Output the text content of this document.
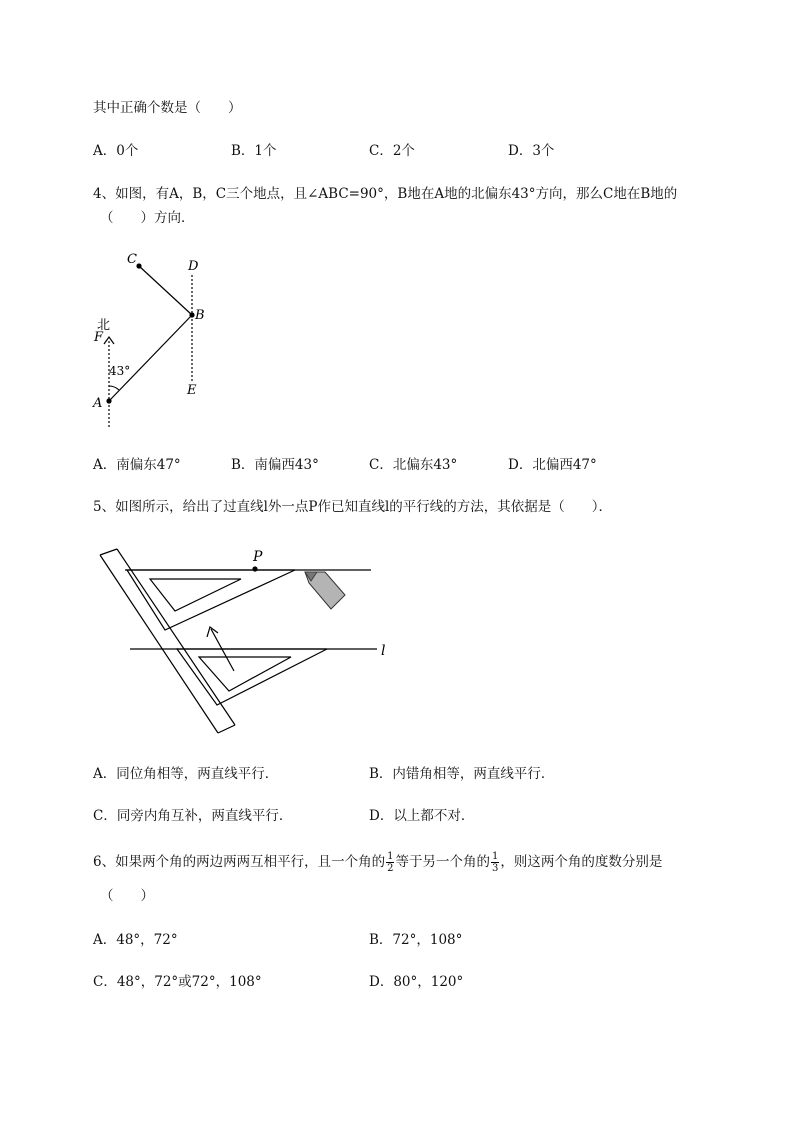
其中正确个数是（　　）
A．0个	B．1个	C．2个	D．3个
4、如图，有A，B，C三个地点，且∠ABC=90°，B地在A地的北偏东43°方向，那么C地在B地的
（　　）方向．
C	D
B
北
F
43°
A
E
A．南偏东47°	B．南偏西43°	C．北偏东43°	D．北偏西47°
5、如图所示，给出了过直线l外一点P作已知直线l的平行线的方法，其依据是（　　）．
P
l
A．同位角相等，两直线平行．	B．内错角相等，两直线平行．
C．同旁内角互补，两直线平行．	D．以上都不对．
6、如果两个角的两边两两互相平行，且一个角的 $\frac{1}{2}$ 等于另一个角的 $\frac{1}{3}$ ，则这两个角的度数分别是
（　　）
A．48°，72°	B．72°，108°
C．48°，72°或72°，108°	D．80°，120°
